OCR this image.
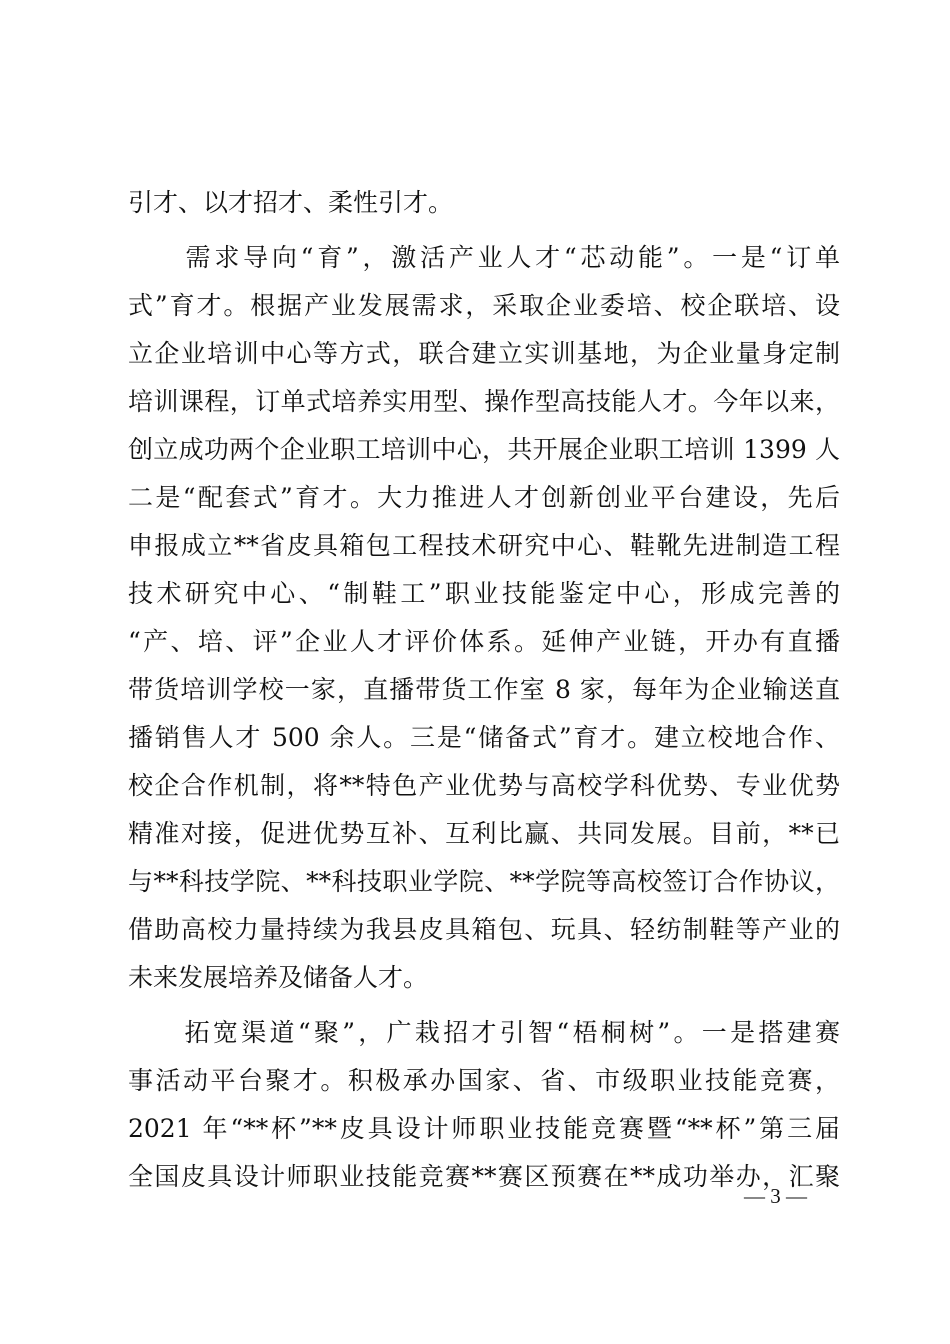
引才、以才招才、柔性引才。
　　需求导向“育”，激活产业人才“芯动能”。一是“订单
式”育才。根据产业发展需求，采取企业委培、校企联培、设
立企业培训中心等方式，联合建立实训基地，为企业量身定制
培训课程，订单式培养实用型、操作型高技能人才。今年以来，
创立成功两个企业职工培训中心，共开展企业职工培训 1399 人
二是“配套式”育才。大力推进人才创新创业平台建设，先后
申报成立**省皮具箱包工程技术研究中心、鞋靴先进制造工程
技术研究中心、“制鞋工”职业技能鉴定中心，形成完善的
“产、培、评”企业人才评价体系。延伸产业链，开办有直播
带货培训学校一家，直播带货工作室 8 家，每年为企业输送直
播销售人才 500 余人。三是“储备式”育才。建立校地合作、
校企合作机制，将**特色产业优势与高校学科优势、专业优势
精准对接，促进优势互补、互利比赢、共同发展。目前，**已
与**科技学院、**科技职业学院、**学院等高校签订合作协议，
借助高校力量持续为我县皮具箱包、玩具、轻纺制鞋等产业的
未来发展培养及储备人才。
　　拓宽渠道“聚”，广栽招才引智“梧桐树”。一是搭建赛
事活动平台聚才。积极承办国家、省、市级职业技能竞赛，
2021 年“**杯”**皮具设计师职业技能竞赛暨“**杯”第三届
全国皮具设计师职业技能竞赛**赛区预赛在**成功举办，汇聚
— 3 —
